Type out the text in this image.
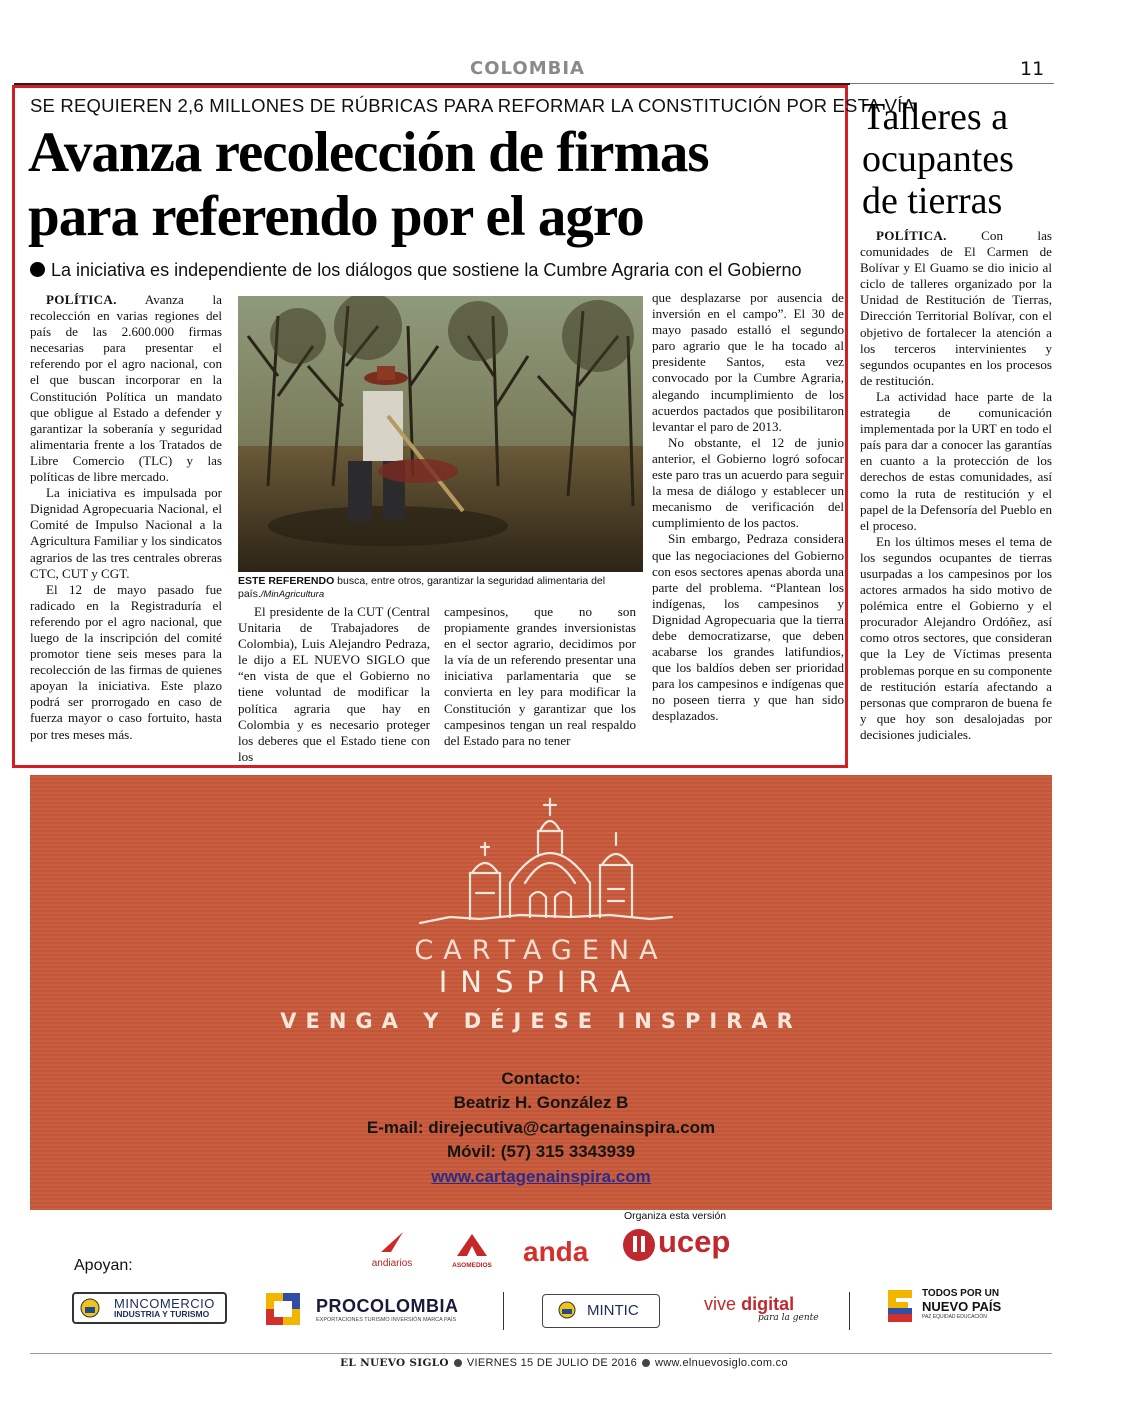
COLOMBIA	11
SE REQUIEREN 2,6 MILLONES DE RÚBRICAS PARA REFORMAR LA CONSTITUCIÓN POR ESTA VÍA
Avanza recolección de firmas
para referendo por el agro
La iniciativa es independiente de los diálogos que sostiene la Cumbre Agraria con el Gobierno

POLÍTICA. Avanza la recolección en varias regiones del país de las 2.600.000 firmas necesarias para presentar el referendo por el agro nacional, con el que buscan incorporar en la Constitución Política un mandato que obligue al Estado a defender y garantizar la soberanía y seguridad alimentaria frente a los Tratados de Libre Comercio (TLC) y las políticas de libre mercado.

La iniciativa es impulsada por Dignidad Agropecuaria Nacional, el Comité de Impulso Nacional a la Agricultura Familiar y los sindicatos agrarios de las tres centrales obreras CTC, CUT y CGT.

El 12 de mayo pasado fue radicado en la Registraduría el referendo por el agro nacional, que luego de la inscripción del comité promotor tiene seis meses para la recolección de las firmas de quienes apoyan la iniciativa. Este plazo podrá ser prorrogado en caso de fuerza mayor o caso fortuito, hasta por tres meses más.

ESTE REFERENDO busca, entre otros, garantizar la seguridad alimentaria del país./MinAgricultura

El presidente de la CUT (Central Unitaria de Trabajadores de Colombia), Luis Alejandro Pedraza, le dijo a EL NUEVO SIGLO que “en vista de que el Gobierno no tiene voluntad de modificar la política agraria que hay en Colombia y es necesario proteger los deberes que el Estado tiene con los

campesinos, que no son propiamente grandes inversionistas en el sector agrario, decidimos por la vía de un referendo presentar una iniciativa parlamentaria que se convierta en ley para modificar la Constitución y garantizar que los campesinos tengan un real respaldo del Estado para no tener

que desplazarse por ausencia de inversión en el campo”. El 30 de mayo pasado estalló el segundo paro agrario que le ha tocado al presidente Santos, esta vez convocado por la Cumbre Agraria, alegando incumplimiento de los acuerdos pactados que posibilitaron levantar el paro de 2013.

No obstante, el 12 de junio anterior, el Gobierno logró sofocar este paro tras un acuerdo para seguir la mesa de diálogo y establecer un mecanismo de verificación del cumplimiento de los pactos.

Sin embargo, Pedraza considera que las negociaciones del Gobierno con esos sectores apenas aborda una parte del problema. “Plantean los indígenas, los campesinos y Dignidad Agropecuaria que la tierra debe democratizarse, que deben acabarse los grandes latifundios, que los baldíos deben ser prioridad para los campesinos e indígenas que no poseen tierra y que han sido desplazados.

Talleres a
ocupantes
de tierras

POLÍTICA.	Con las comunidades de El Carmen de Bolívar y El Guamo se dio inicio al ciclo de talleres organizado por la Unidad de Restitución de Tierras, Dirección Territorial Bolívar, con el objetivo de fortalecer la atención a los terceros intervinientes y segundos ocupantes en los procesos de restitución.

La actividad hace parte de la estrategia de comunicación implementada por la URT en todo el país para dar a conocer las garantías en cuanto a la protección de los derechos de estas comunidades, así como la ruta de restitución y el papel de la Defensoría del Pueblo en el proceso.

En los últimos meses el tema de los segundos ocupantes de tierras usurpadas a los campesinos por los actores armados ha sido motivo de polémica entre el Gobierno y el procurador Alejandro Ordóñez, así como otros sectores, que consideran que la Ley de Víctimas presenta problemas porque en su componente de restitución estaría afectando a personas que compraron de buena fe y que hoy son desalojadas por decisiones judiciales.

CARTAGENA
INSPIRA
VENGA Y DÉJESE INSPIRAR
Contacto:
Beatriz H. González B
E-mail: direjecutiva@cartagenainspira.com
Móvil: (57) 315 3343939
www.cartagenainspira.com
Apoyan:
Organiza esta versión
andiarios	ASOMEDIOS anda ucep
MINCOMERCIO
INDUSTRIA Y TURISMO	PROCOLOMBIA
EXPORTACIONES TURISMO INVERSIÓN MARCA PAÍS
MINTIC	vive digital
para la gente
TODOS POR UN
NUEVO PAÍS
PAZ EQUIDAD EDUCACIÓN
EL NUEVO SIGLO VIERNES 15 DE JULIO DE 2016 www.elnuevosiglo.com.co
